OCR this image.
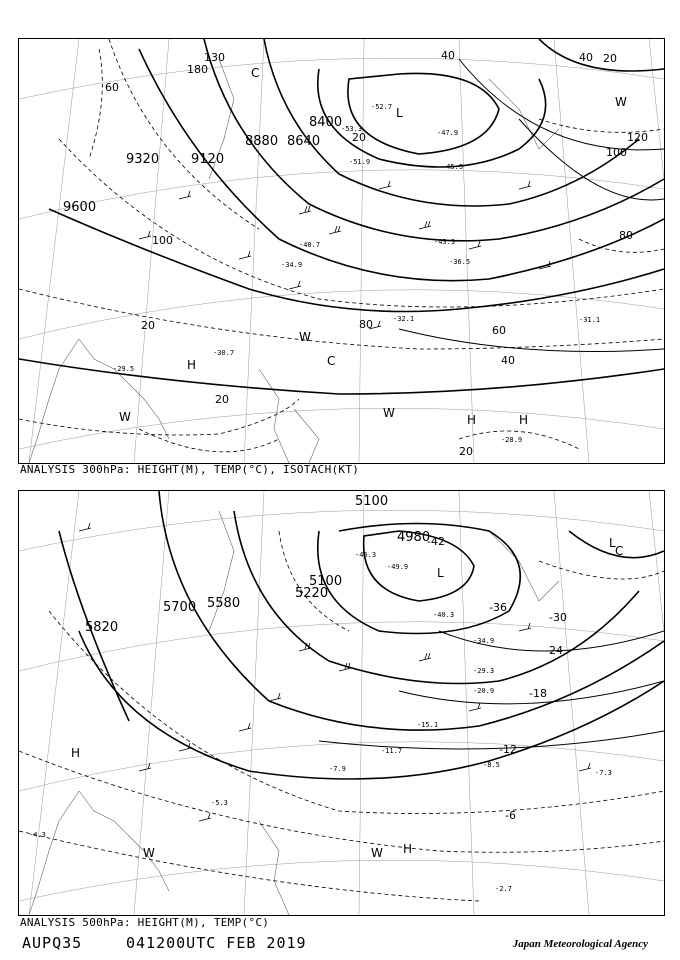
9600
9320 9120
8880 8640
8400
180
130
100
80
60
40
20	120
100
80
40 20
60
40
20
20
20
H
H	H
L
W	W
W
W
C
C
-51.9
-52.7
-53.3	-47.9
-45.5
-40.7	-43.3
-34.9	-36.5
-32.1	-31.1
-28.9
-29.5
-30.7
ANALYSIS 300hPa: HEIGHT(M), TEMP(°C), ISOTACH(KT)
5820
5700 5580
5220
5100
4980
5100
-42
-36
-30
-24
-18
-12
-6
H
H
L
L
W	W
C
-49.9
-46.3
-40.3
-34.9
-29.3
-20.9
-15.1
-11.7
-8.5
-7.3
-7.9
-5.3
-2.7
-4.3
ANALYSIS 500hPa: HEIGHT(M), TEMP(°C)
AUPQ35	041200UTC FEB 2019	Japan Meteorological Agency
